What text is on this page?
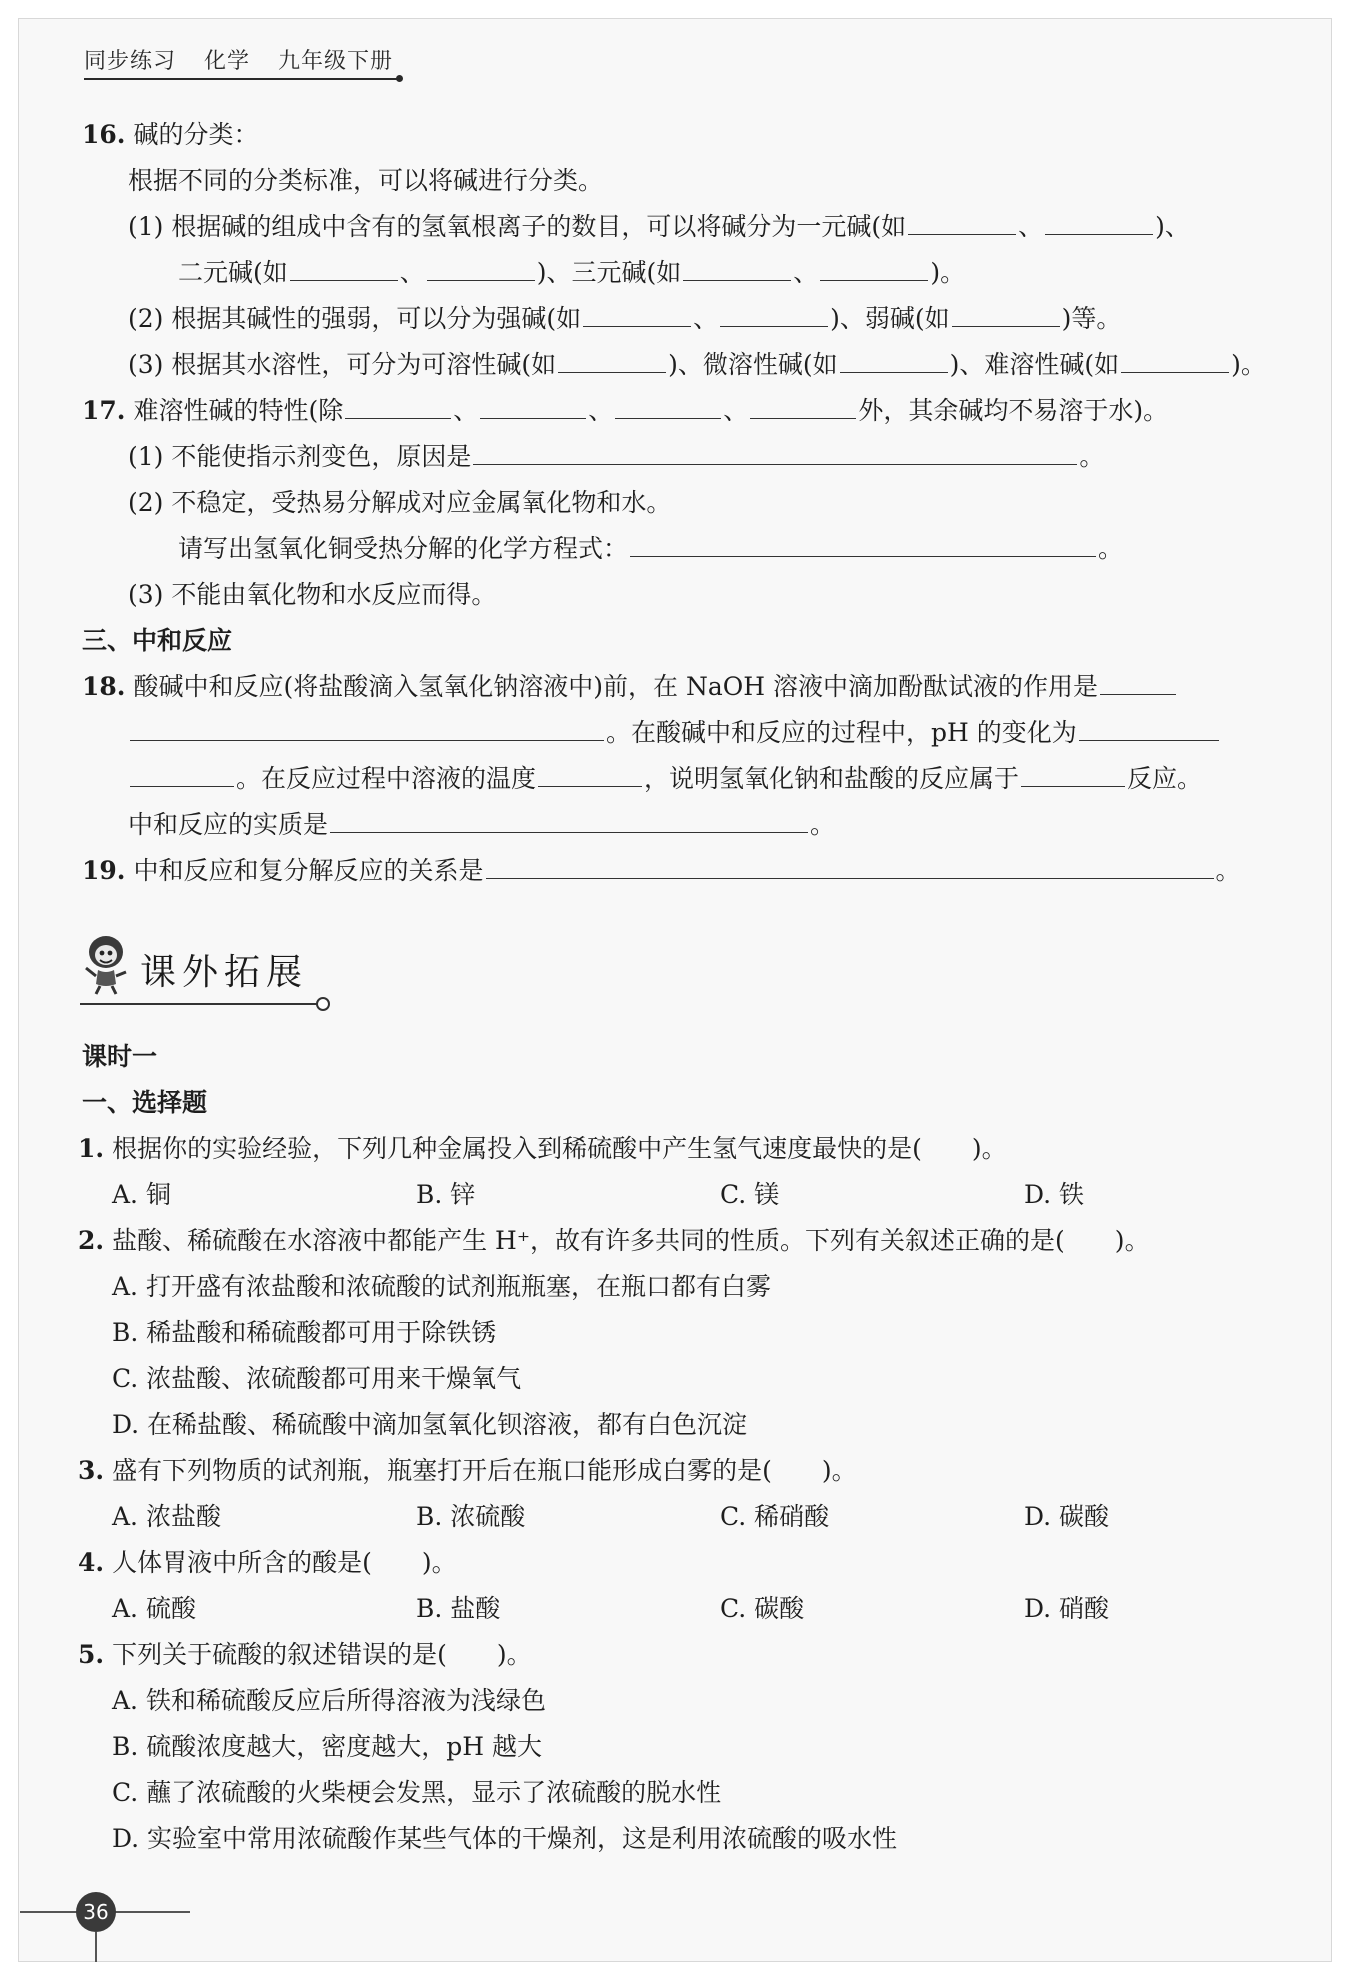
同步练习 化学 九年级下册
16. 碱的分类：
根据不同的分类标准，可以将碱进行分类。
(1) 根据碱的组成中含有的氢氧根离子的数目，可以将碱分为一元碱(如	、	)、
二元碱(如	、	)、三元碱(如	、	)。
(2) 根据其碱性的强弱，可以分为强碱(如	、	)、弱碱(如	)等。
(3) 根据其水溶性，可分为可溶性碱(如	)、微溶性碱(如	)、难溶性碱(如	)。
17. 难溶性碱的特性(除	、	、	、	外，其余碱均不易溶于水)。
(1) 不能使指示剂变色，原因是	。
(2) 不稳定，受热易分解成对应金属氧化物和水。
请写出氢氧化铜受热分解的化学方程式：	。
(3) 不能由氧化物和水反应而得。
三、中和反应
18. 酸碱中和反应(将盐酸滴入氢氧化钠溶液中)前，在 NaOH 溶液中滴加酚酞试液的作用是
。在酸碱中和反应的过程中，pH 的变化为
。在反应过程中溶液的温度	，说明氢氧化钠和盐酸的反应属于	反应。
中和反应的实质是	。
19. 中和反应和复分解反应的关系是	。
课外拓展
课时一
一、选择题
1. 根据你的实验经验，下列几种金属投入到稀硫酸中产生氢气速度最快的是(　　)。
A. 铜	B. 锌	C. 镁	D. 铁
2. 盐酸、稀硫酸在水溶液中都能产生 H⁺，故有许多共同的性质。下列有关叙述正确的是(　　)。
A. 打开盛有浓盐酸和浓硫酸的试剂瓶瓶塞，在瓶口都有白雾
B. 稀盐酸和稀硫酸都可用于除铁锈
C. 浓盐酸、浓硫酸都可用来干燥氧气
D. 在稀盐酸、稀硫酸中滴加氢氧化钡溶液，都有白色沉淀
3. 盛有下列物质的试剂瓶，瓶塞打开后在瓶口能形成白雾的是(　　)。
A. 浓盐酸	B. 浓硫酸	C. 稀硝酸	D. 碳酸
4. 人体胃液中所含的酸是(　　)。
A. 硫酸	B. 盐酸	C. 碳酸	D. 硝酸
5. 下列关于硫酸的叙述错误的是(　　)。
A. 铁和稀硫酸反应后所得溶液为浅绿色
B. 硫酸浓度越大，密度越大，pH 越大
C. 蘸了浓硫酸的火柴梗会发黑，显示了浓硫酸的脱水性
D. 实验室中常用浓硫酸作某些气体的干燥剂，这是利用浓硫酸的吸水性
36
